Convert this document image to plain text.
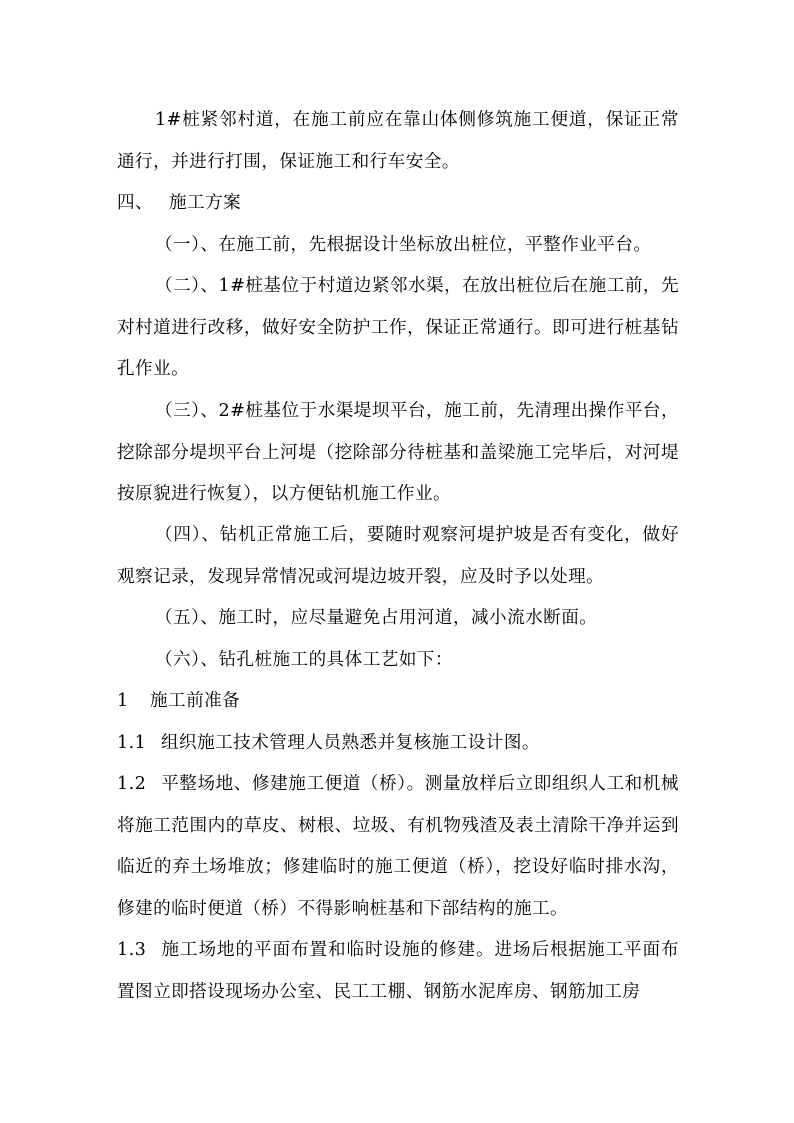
1#桩紧邻村道，在施工前应在靠山体侧修筑施工便道，保证正常通行，并进行打围，保证施工和行车安全。

四、 施工方案

（一）、在施工前，先根据设计坐标放出桩位，平整作业平台。

（二）、1#桩基位于村道边紧邻水渠，在放出桩位后在施工前，先对村道进行改移，做好安全防护工作，保证正常通行。即可进行桩基钻孔作业。

（三）、2#桩基位于水渠堤坝平台，施工前，先清理出操作平台，挖除部分堤坝平台上河堤（挖除部分待桩基和盖梁施工完毕后，对河堤按原貌进行恢复），以方便钻机施工作业。

（四）、钻机正常施工后，要随时观察河堤护坡是否有变化，做好观察记录，发现异常情况或河堤边坡开裂，应及时予以处理。

（五）、施工时，应尽量避免占用河道，减小流水断面。

（六）、钻孔桩施工的具体工艺如下：

1 施工前准备
1.1 组织施工技术管理人员熟悉并复核施工设计图。

1.2 平整场地、修建施工便道（桥）。测量放样后立即组织人工和机械将施工范围内的草皮、树根、垃圾、有机物残渣及表土清除干净并运到临近的弃土场堆放；修建临时的施工便道（桥），挖设好临时排水沟，修建的临时便道（桥）不得影响桩基和下部结构的施工。

1.3 施工场地的平面布置和临时设施的修建。进场后根据施工平面布置图立即搭设现场办公室、民工工棚、钢筋水泥库房、钢筋加工房
